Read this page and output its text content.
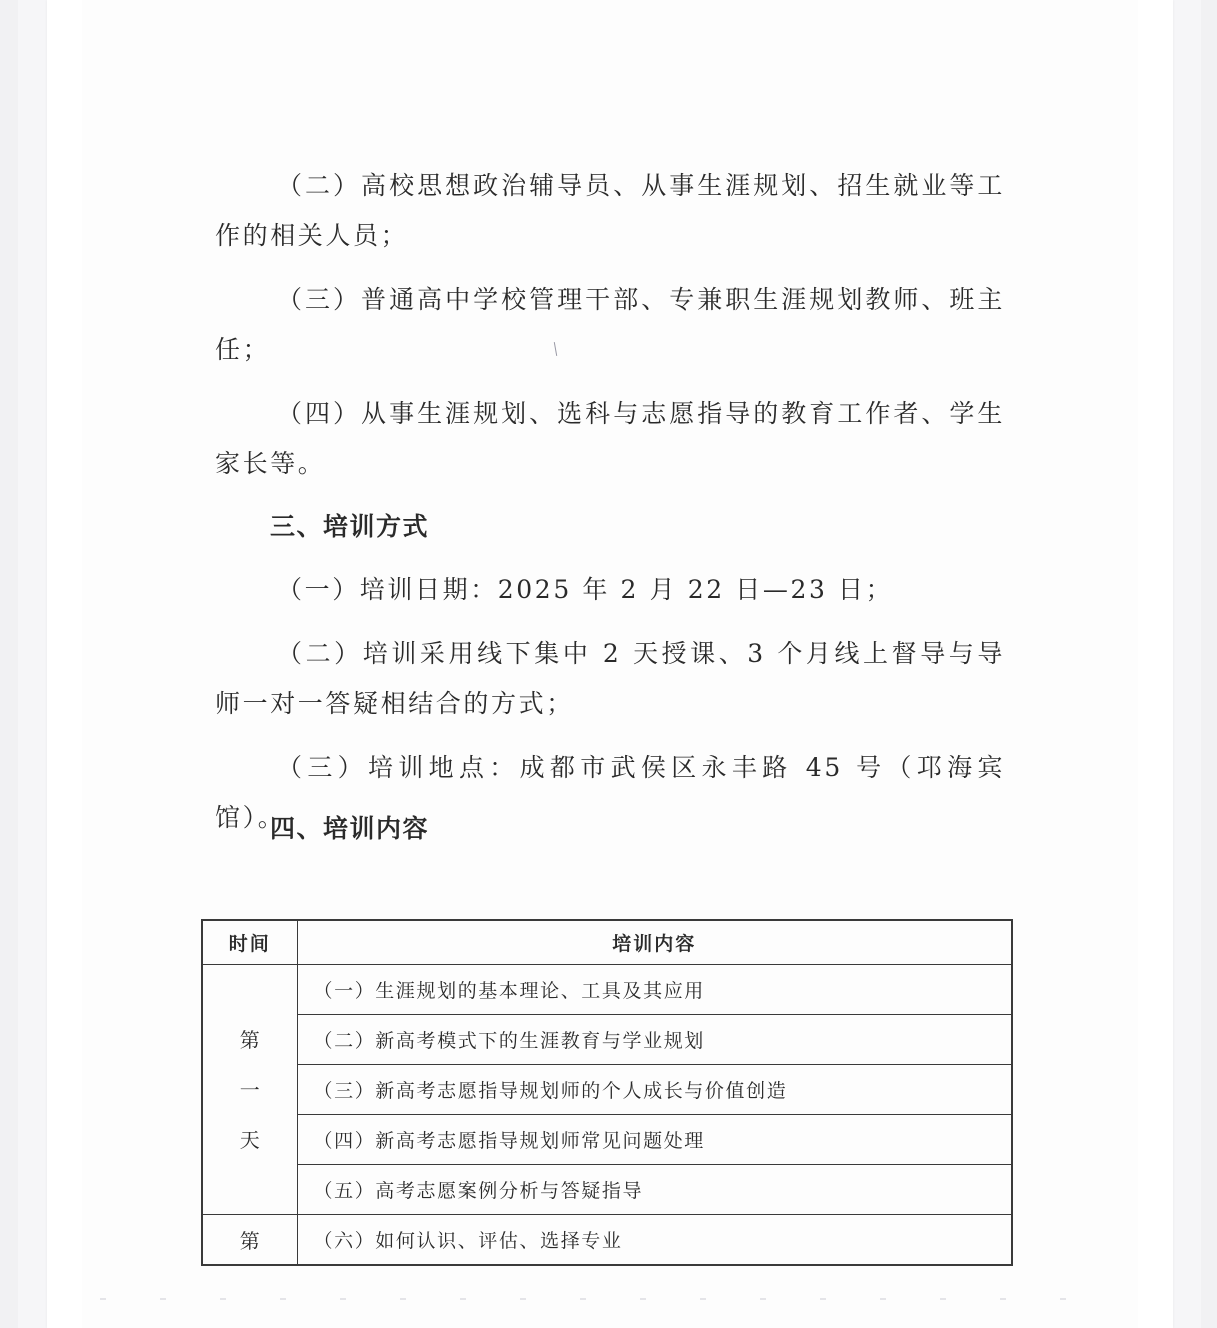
（二）高校思想政治辅导员、从事生涯规划、招生就业等工作的相关人员；

（三）普通高中学校管理干部、专兼职生涯规划教师、班主任；

（四）从事生涯规划、选科与志愿指导的教育工作者、学生家长等。

三、培训方式

（一）培训日期：2025 年 2 月 22 日—23 日；

（二）培训采用线下集中 2 天授课、3 个月线上督导与导师一对一答疑相结合的方式；

（三）培训地点：成都市武侯区永丰路 45 号（邛海宾馆）。

四、培训内容
时间	培训内容

第
一
天	（一）生涯规划的基本理论、工具及其应用
	（二）新高考模式下的生涯教育与学业规划
	（三）新高考志愿指导规划师的个人成长与价值创造
	（四）新高考志愿指导规划师常见问题处理
	（五）高考志愿案例分析与答疑指导
第	（六）如何认识、评估、选择专业
